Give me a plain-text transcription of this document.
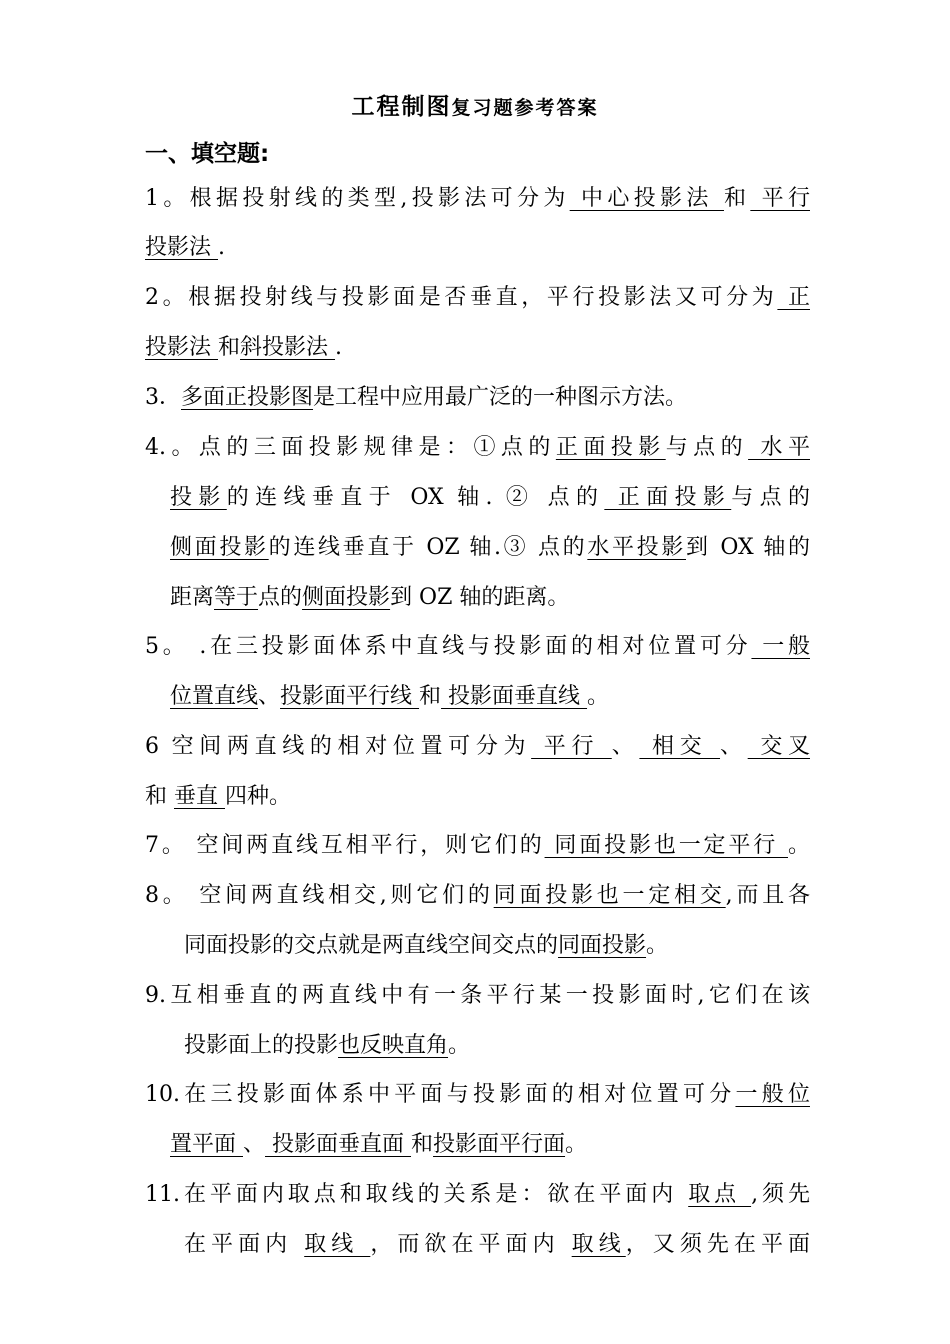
工程制图复习题参考答案
一、填空题:
1。根据投射线的类型,投影法可分为 中心投影法 和 平行
投影法 .
2。根据投射线与投影面是否垂直，平行投影法又可分为 正
投影法 和斜投影法 .
3．多面正投影图是工程中应用最广泛的一种图示方法。
4.。点的三面投影规律是：①点的正面投影与点的 水平
投影的连线垂直于 OX 轴. ② 点的 正面投影与点的
侧面投影的连线垂直于 OZ 轴.③ 点的水平投影到 OX 轴的
距离等于点的侧面投影到 OZ 轴的距离。
5。 .在三投影面体系中直线与投影面的相对位置可分 一般
位置直线、投影面平行线 和 投影面垂直线 。
6 空间两直线的相对位置可分为 平行 、 相交 、 交叉
和 垂直 四种。
7。 空间两直线互相平行，则它们的 同面投影也一定平行 。
8。 空间两直线相交,则它们的同面投影也一定相交,而且各
同面投影的交点就是两直线空间交点的同面投影。
9.互相垂直的两直线中有一条平行某一投影面时,它们在该
投影面上的投影也反映直角。
10.在三投影面体系中平面与投影面的相对位置可分一般位
置平面 、 投影面垂直面 和投影面平行面。
11.在平面内取点和取线的关系是：欲在平面内 取点 ,须先
在平面内 取线 ，而欲在平面内 取线，又须先在平面
